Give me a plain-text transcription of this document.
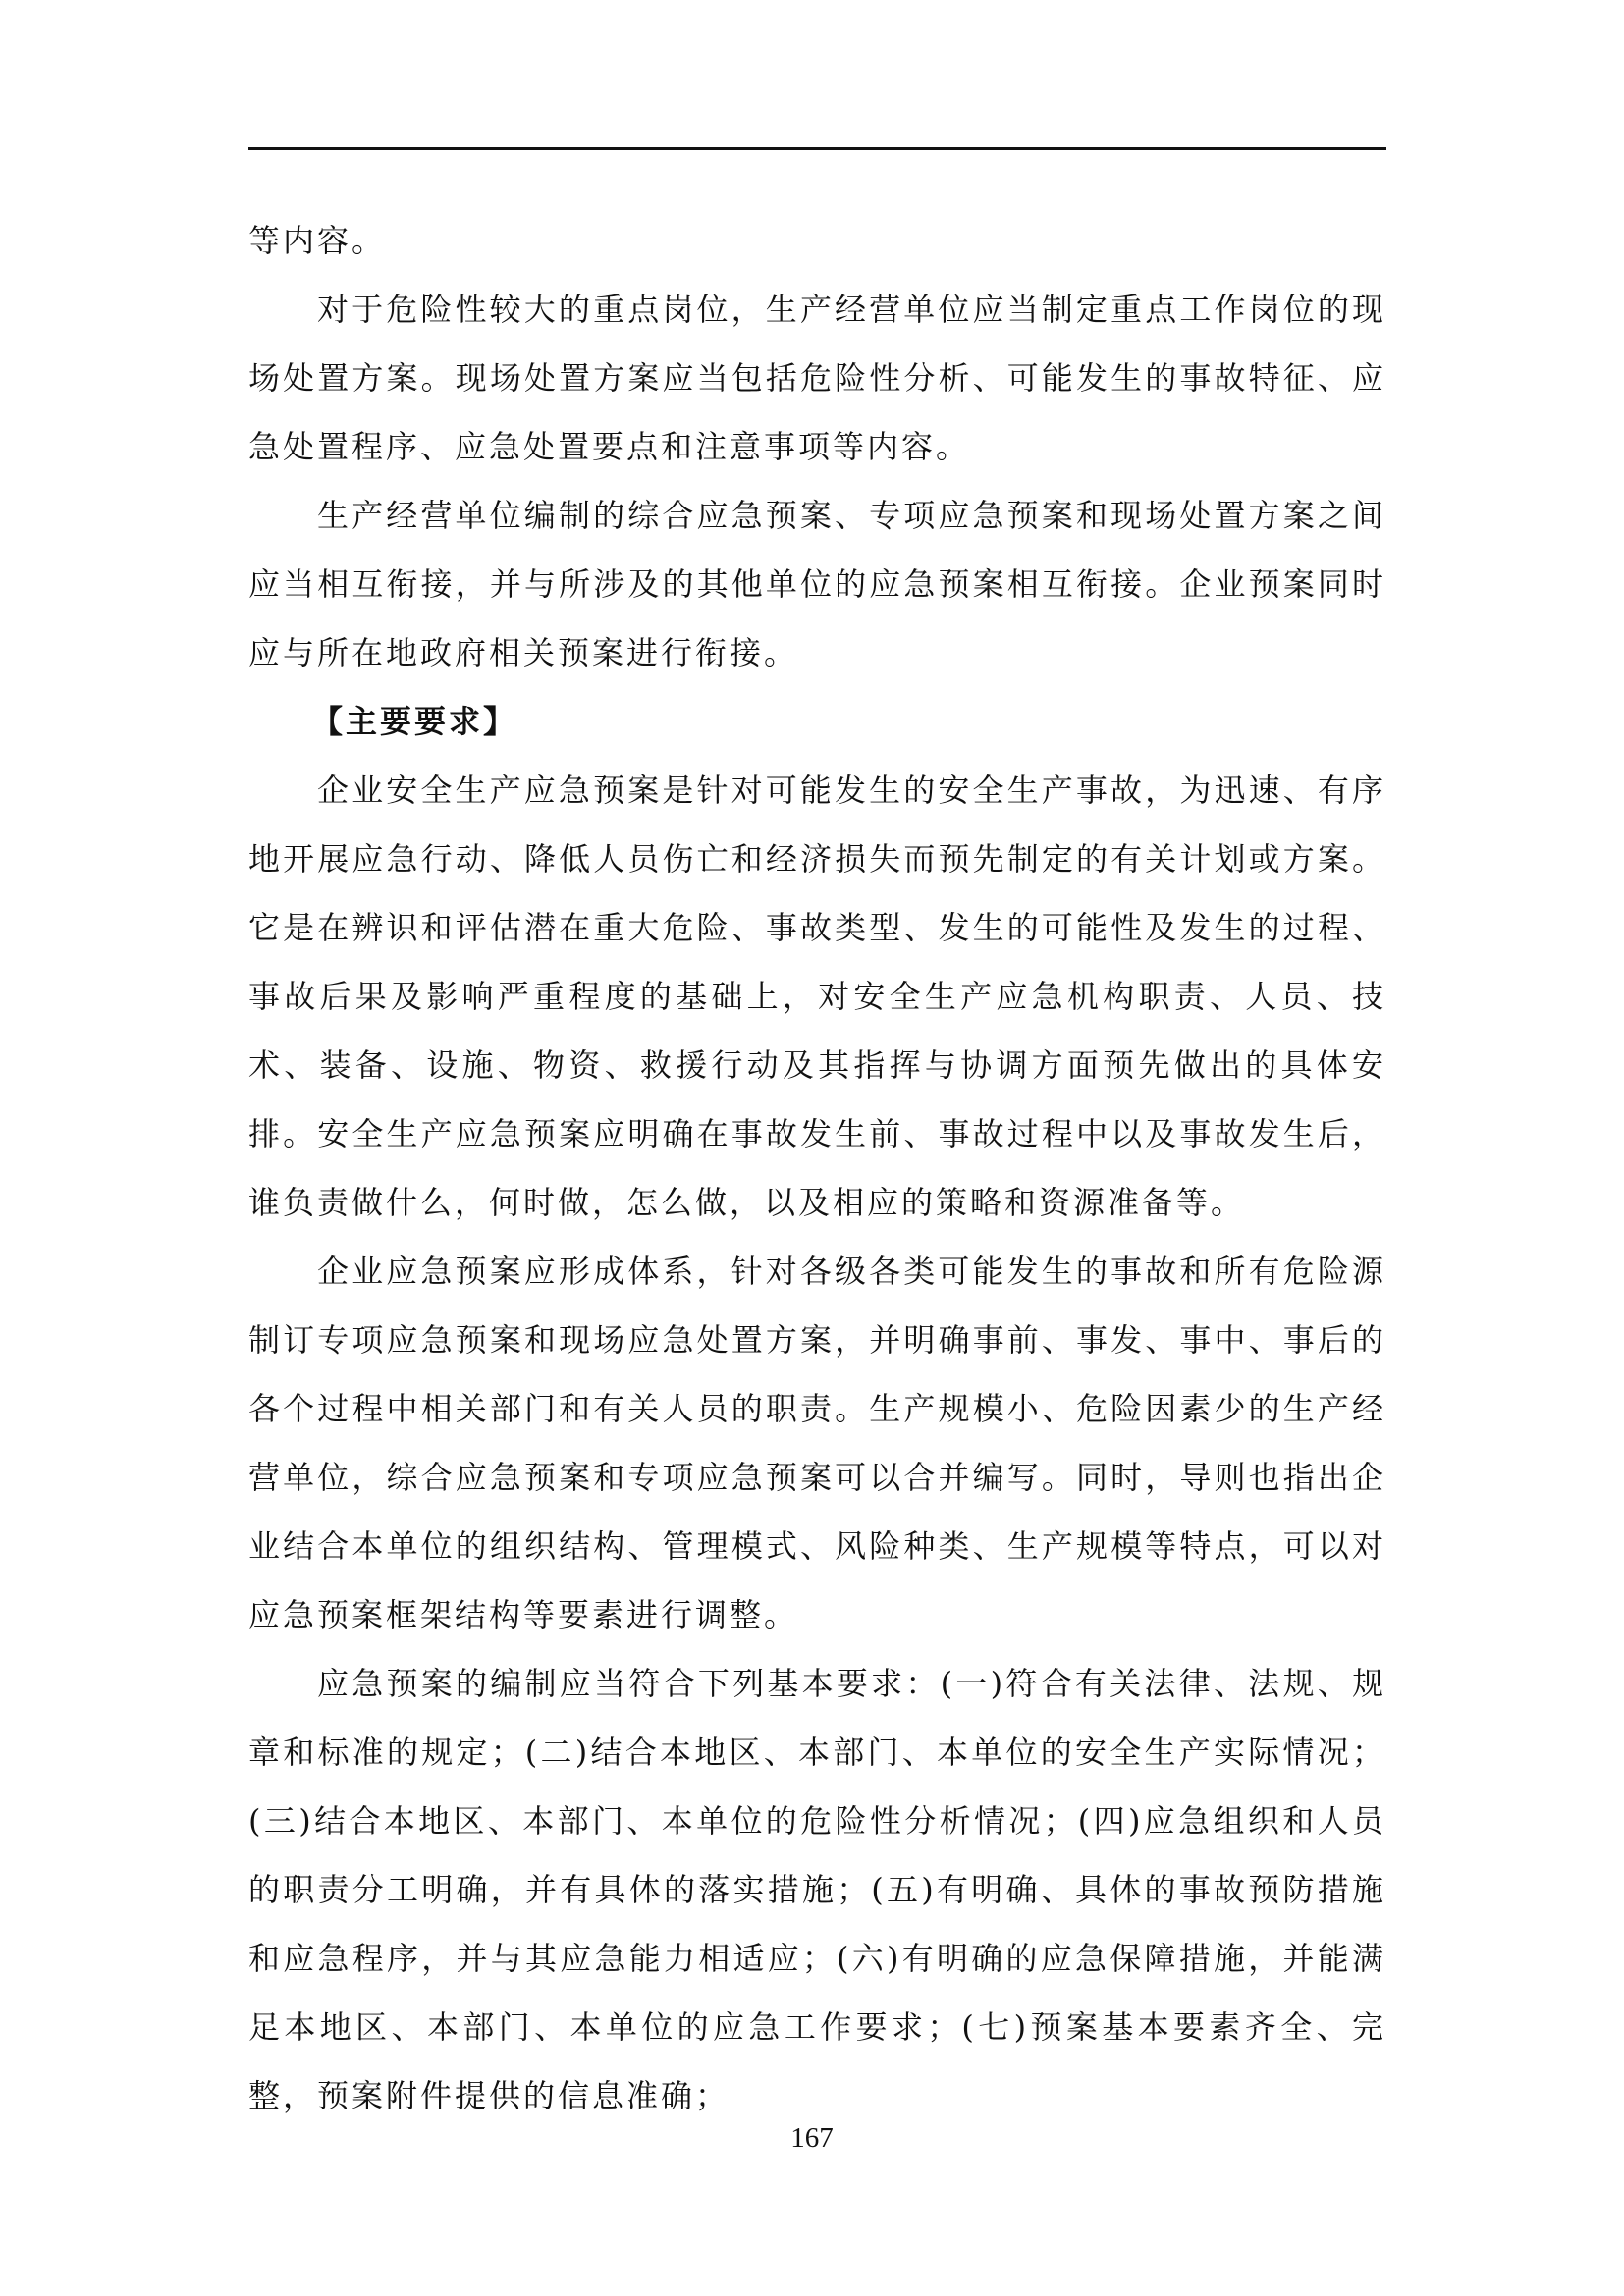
等内容。

对于危险性较大的重点岗位，生产经营单位应当制定重点工作岗位的现场处置方案。现场处置方案应当包括危险性分析、可能发生的事故特征、应急处置程序、应急处置要点和注意事项等内容。

生产经营单位编制的综合应急预案、专项应急预案和现场处置方案之间应当相互衔接，并与所涉及的其他单位的应急预案相互衔接。企业预案同时应与所在地政府相关预案进行衔接。

【主要要求】

企业安全生产应急预案是针对可能发生的安全生产事故，为迅速、有序地开展应急行动、降低人员伤亡和经济损失而预先制定的有关计划或方案。它是在辨识和评估潜在重大危险、事故类型、发生的可能性及发生的过程、事故后果及影响严重程度的基础上，对安全生产应急机构职责、人员、技术、装备、设施、物资、救援行动及其指挥与协调方面预先做出的具体安排。安全生产应急预案应明确在事故发生前、事故过程中以及事故发生后，谁负责做什么，何时做，怎么做，以及相应的策略和资源准备等。

企业应急预案应形成体系，针对各级各类可能发生的事故和所有危险源制订专项应急预案和现场应急处置方案，并明确事前、事发、事中、事后的各个过程中相关部门和有关人员的职责。生产规模小、危险因素少的生产经营单位，综合应急预案和专项应急预案可以合并编写。同时，导则也指出企业结合本单位的组织结构、管理模式、风险种类、生产规模等特点，可以对应急预案框架结构等要素进行调整。

应急预案的编制应当符合下列基本要求：(一)符合有关法律、法规、规章和标准的规定；(二)结合本地区、本部门、本单位的安全生产实际情况；(三)结合本地区、本部门、本单位的危险性分析情况；(四)应急组织和人员的职责分工明确，并有具体的落实措施；(五)有明确、具体的事故预防措施和应急程序，并与其应急能力相适应；(六)有明确的应急保障措施，并能满足本地区、本部门、本单位的应急工作要求；(七)预案基本要素齐全、完整，预案附件提供的信息准确；

167
